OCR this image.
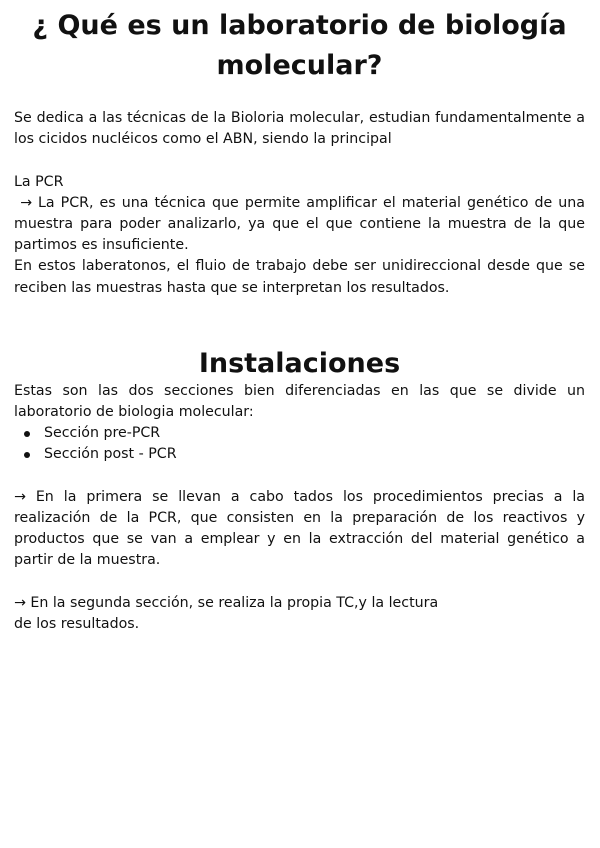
¿ Qué es un laboratorio de biología
molecular?

Se dedica a las técnicas de la Bioloria molecular, estudian fundamentalmente a los cicidos nucléicos como el ABN, siendo la principal

La PCR

→ La PCR, es una técnica que permite amplificar el material genético de una muestra para poder analizarlo, ya que el que contiene la muestra de la que partimos es insuficiente.

En estos laberatonos, el fluio de trabajo debe ser unidireccional desde que se reciben las muestras hasta que se interpretan los resultados.

Instalaciones

Estas son las dos secciones bien diferenciadas en las que se divide un laboratorio de biologia molecular:

Sección pre-PCR
Sección post - PCR

→ En la primera se llevan a cabo tados los procedimientos precias a la realización de la PCR, que consisten en la preparación de los reactivos y productos que se van a emplear y en la extracción del material genético a partir de la muestra.

→ En la segunda sección, se realiza la propia TC,y la lectura
de los resultados.
